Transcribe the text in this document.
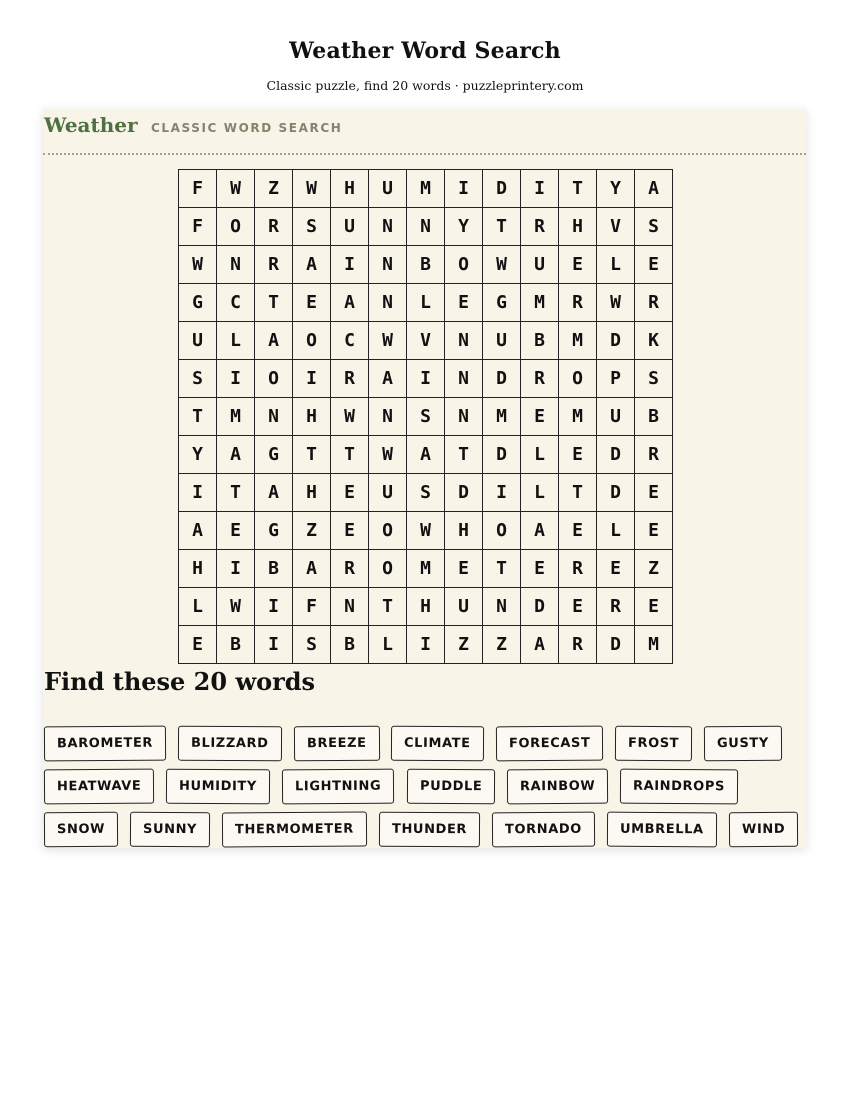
Weather Word Search
Classic puzzle, find 20 words · puzzleprintery.com
Weather CLASSIC WORD SEARCH
F	W	Z	W	H	U	M	I	D	I	T	Y	A
F	O	R	S	U	N	N	Y	T	R	H	V	S
W	N	R	A	I	N	B	O	W	U	E	L	E
G	C	T	E	A	N	L	E	G	M	R	W	R
U	L	A	O	C	W	V	N	U	B	M	D	K
S	I	O	I	R	A	I	N	D	R	O	P	S
T	M	N	H	W	N	S	N	M	E	M	U	B
Y	A	G	T	T	W	A	T	D	L	E	D	R
I	T	A	H	E	U	S	D	I	L	T	D	E
A	E	G	Z	E	O	W	H	O	A	E	L	E
H	I	B	A	R	O	M	E	T	E	R	E	Z
L	W	I	F	N	T	H	U	N	D	E	R	E
E	B	I	S	B	L	I	Z	Z	A	R	D	M
Find these 20 words
BAROMETER	BLIZZARD	BREEZE	CLIMATE	FORECAST	FROST	GUSTY
HEATWAVE	HUMIDITY	LIGHTNING	PUDDLE	RAINBOW	RAINDROPS
SNOW	SUNNY	THERMOMETER	THUNDER	TORNADO	UMBRELLA	WIND
